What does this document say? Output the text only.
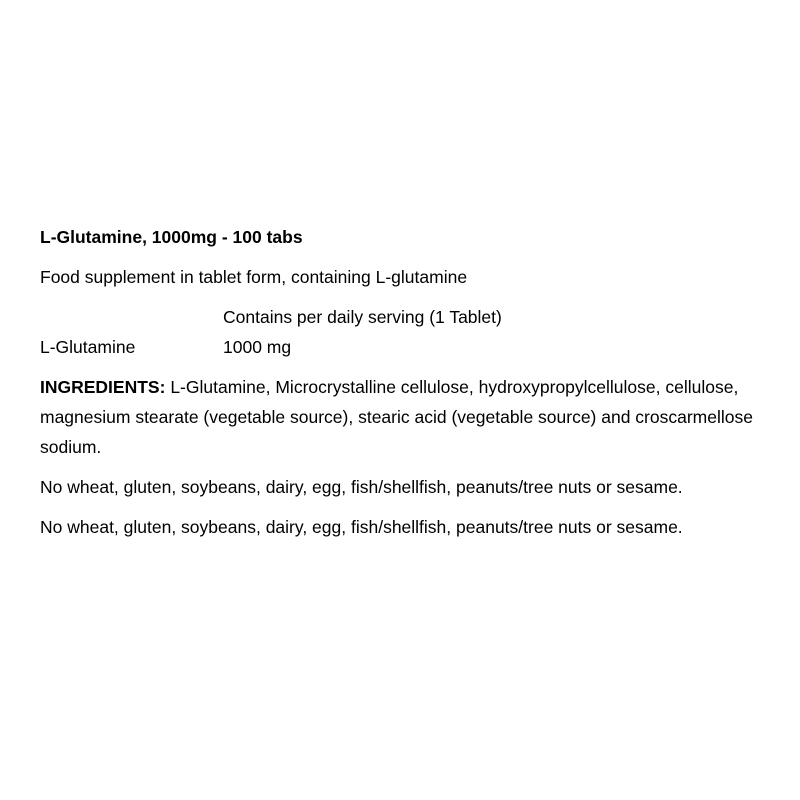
L-Glutamine, 1000mg - 100 tabs

Food supplement in tablet form, containing L-glutamine

Contains per daily serving (1 Tablet)
L-Glutamine	1000 mg

INGREDIENTS: L-Glutamine, Microcrystalline cellulose, hydroxypropylcellulose, cellulose, magnesium stearate (vegetable source), stearic acid (vegetable source) and croscarmellose sodium.

No wheat, gluten, soybeans, dairy, egg, fish/shellfish, peanuts/tree nuts or sesame.

No wheat, gluten, soybeans, dairy, egg, fish/shellfish, peanuts/tree nuts or sesame.
